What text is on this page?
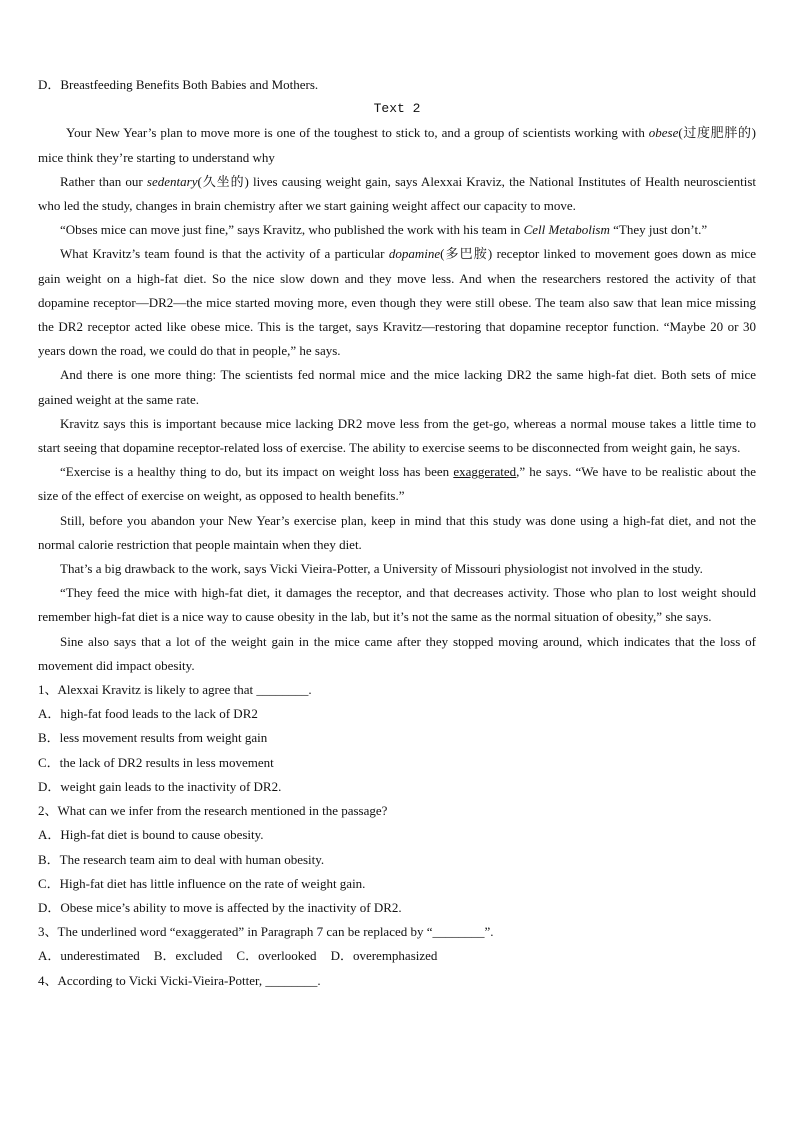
D．Breastfeeding Benefits Both Babies and Mothers.

Text 2

Your New Year’s plan to move more is one of the toughest to stick to, and a group of scientists working with obese(过度肥胖的) mice think they’re starting to understand why

Rather than our sedentary(久坐的) lives causing weight gain, says Alexxai Kraviz, the National Institutes of Health neuroscientist who led the study, changes in brain chemistry after we start gaining weight affect our capacity to move.

“Obses mice can move just fine,” says Kravitz, who published the work with his team in Cell Metabolism “They just don’t.”

What Kravitz’s team found is that the activity of a particular dopamine(多巴胺) receptor linked to movement goes down as mice gain weight on a high-fat diet. So the nice slow down and they move less. And when the researchers restored the activity of that dopamine receptor—DR2—the mice started moving more, even though they were still obese. The team also saw that lean mice missing the DR2 receptor acted like obese mice. This is the target, says Kravitz—restoring that dopamine receptor function. “Maybe 20 or 30 years down the road, we could do that in people,” he says.

And there is one more thing: The scientists fed normal mice and the mice lacking DR2 the same high-fat diet. Both sets of mice gained weight at the same rate.

Kravitz says this is important because mice lacking DR2 move less from the get-go, whereas a normal mouse takes a little time to start seeing that dopamine receptor-related loss of exercise. The ability to exercise seems to be disconnected from weight gain, he says.

“Exercise is a healthy thing to do, but its impact on weight loss has been exaggerated,” he says. “We have to be realistic about the size of the effect of exercise on weight, as opposed to health benefits.”

Still, before you abandon your New Year’s exercise plan, keep in mind that this study was done using a high-fat diet, and not the normal calorie restriction that people maintain when they diet.

That’s a big drawback to the work, says Vicki Vieira-Potter, a University of Missouri physiologist not involved in the study.

“They feed the mice with high-fat diet, it damages the receptor, and that decreases activity. Those who plan to lost weight should remember high-fat diet is a nice way to cause obesity in the lab, but it’s not the same as the normal situation of obesity,” she says.

Sine also says that a lot of the weight gain in the mice came after they stopped moving around, which indicates that the loss of movement did impact obesity.

1、Alexxai Kravitz is likely to agree that ________.

A．high-fat food leads to the lack of DR2

B．less movement results from weight gain

C．the lack of DR2 results in less movement

D．weight gain leads to the inactivity of DR2.

2、What can we infer from the research mentioned in the passage?

A．High-fat diet is bound to cause obesity.

B．The research team aim to deal with human obesity.

C．High-fat diet has little influence on the rate of weight gain.

D．Obese mice’s ability to move is affected by the inactivity of DR2.

3、The underlined word “exaggerated” in Paragraph 7 can be replaced by “________”.

A．underestimated B．excluded C．overlooked D．overemphasized

4、According to Vicki Vicki-Vieira-Potter, ________.
